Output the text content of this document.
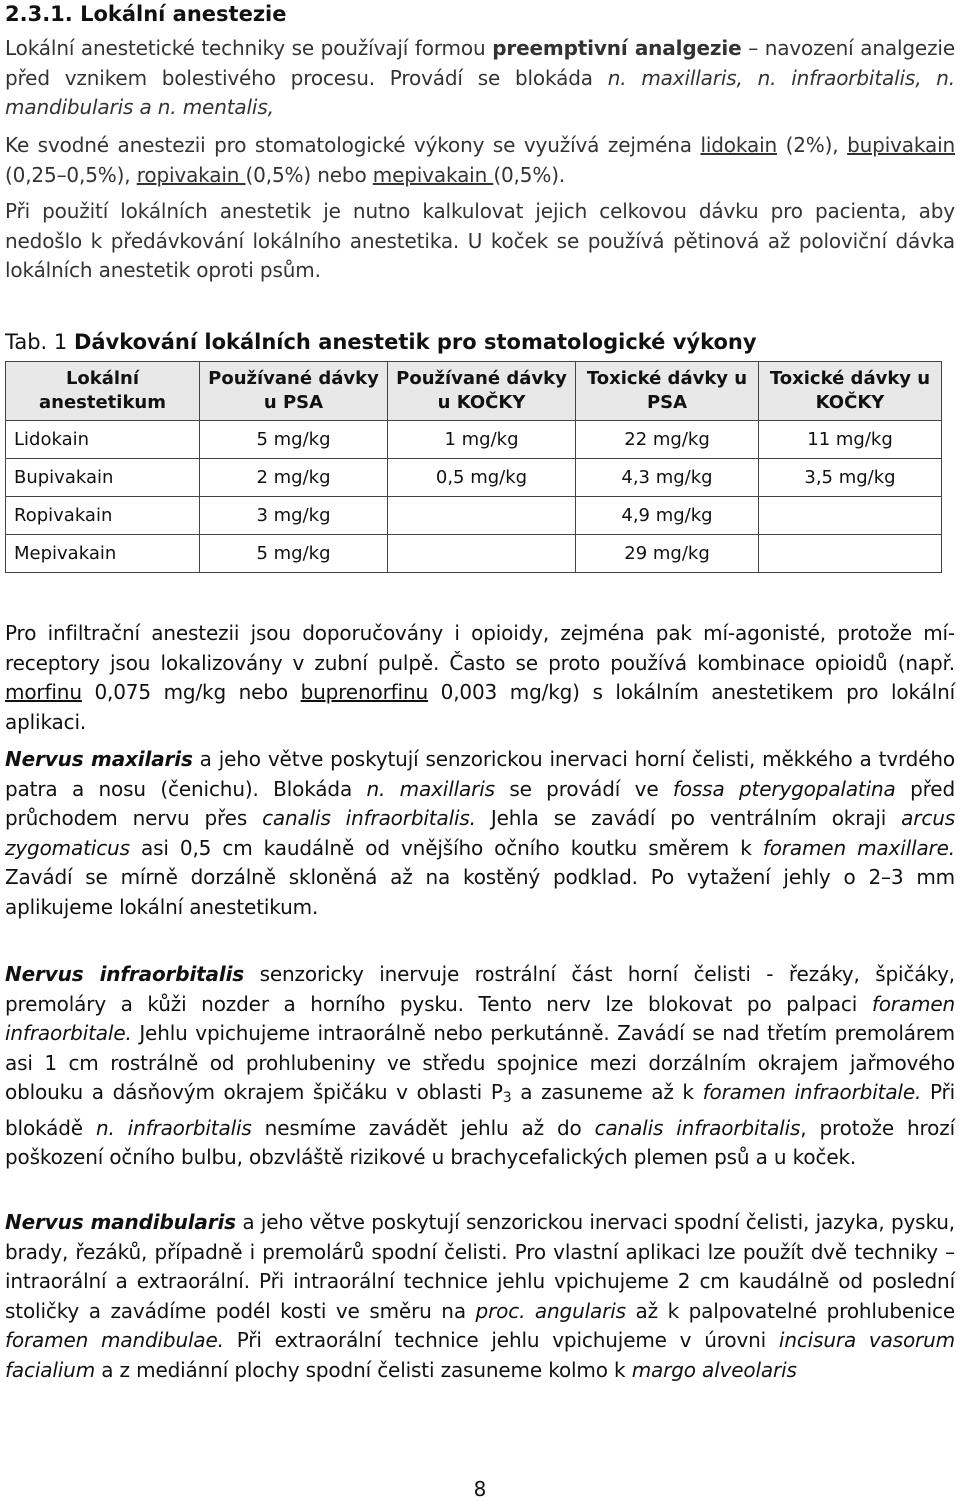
2.3.1. Lokální anestezie

Lokální anestetické techniky se používají formou preemptivní analgezie – navození analgezie před vznikem bolestivého procesu. Provádí se blokáda n. maxillaris, n. infraorbitalis, n. mandibularis a n. mentalis,

Ke svodné anestezii pro stomatologické výkony se využívá zejména lidokain (2%), bupivakain (0,25–0,5%), ropivakain (0,5%) nebo mepivakain (0,5%).

Při použití lokálních anestetik je nutno kalkulovat jejich celkovou dávku pro pacienta, aby nedošlo k předávkování lokálního anestetika. U koček se používá pětinová až poloviční dávka lokálních anestetik oproti psům.

Tab. 1 Dávkování lokálních anestetik pro stomatologické výkony
Lokální anestetikum	Používané dávky u PSA	Používané dávky u KOČKY	Toxické dávky u PSA	Toxické dávky u KOČKY
Lidokain	5 mg/kg	1 mg/kg	22 mg/kg	11 mg/kg
Bupivakain	2 mg/kg	0,5 mg/kg	4,3 mg/kg	3,5 mg/kg
Ropivakain	3 mg/kg		4,9 mg/kg	
Mepivakain	5 mg/kg		29 mg/kg	

Pro infiltrační anestezii jsou doporučovány i opioidy, zejména pak mí-agonisté, protože mí-receptory jsou lokalizovány v zubní pulpě. Často se proto používá kombinace opioidů (např. morfinu 0,075 mg/kg nebo buprenorfinu 0,003 mg/kg) s lokálním anestetikem pro lokální aplikaci.

Nervus maxilaris a jeho větve poskytují senzorickou inervaci horní čelisti, měkkého a tvrdého patra a nosu (čenichu). Blokáda n. maxillaris se provádí ve fossa pterygopalatina před průchodem nervu přes canalis infraorbitalis. Jehla se zavádí po ventrálním okraji arcus zygomaticus asi 0,5 cm kaudálně od vnějšího očního koutku směrem k foramen maxillare. Zavádí se mírně dorzálně skloněná až na kostěný podklad. Po vytažení jehly o 2–3 mm aplikujeme lokální anestetikum.

Nervus infraorbitalis senzoricky inervuje rostrální část horní čelisti - řezáky, špičáky, premoláry a kůži nozder a horního pysku. Tento nerv lze blokovat po palpaci foramen infraorbitale. Jehlu vpichujeme intraorálně nebo perkutánně. Zavádí se nad třetím premolárem asi 1 cm rostrálně od prohlubeniny ve středu spojnice mezi dorzálním okrajem jařmového oblouku a dásňovým okrajem špičáku v oblasti $P_3$ a zasuneme až k foramen infraorbitale. Při blokádě n. infraorbitalis nesmíme zavádět jehlu až do canalis infraorbitalis, protože hrozí poškození očního bulbu, obzvláště rizikové u brachycefalických plemen psů a u koček.

Nervus mandibularis a jeho větve poskytují senzorickou inervaci spodní čelisti, jazyka, pysku, brady, řezáků, případně i premolárů spodní čelisti. Pro vlastní aplikaci lze použít dvě techniky – intraorální a extraorální. Při intraorální technice jehlu vpichujeme 2 cm kaudálně od poslední stoličky a zavádíme podél kosti ve směru na proc. angularis až k palpovatelné prohlubenice foramen mandibulae. Při extraorální technice jehlu vpichujeme v úrovni incisura vasorum facialium a z mediánní plochy spodní čelisti zasuneme kolmo k margo alveolaris

8
